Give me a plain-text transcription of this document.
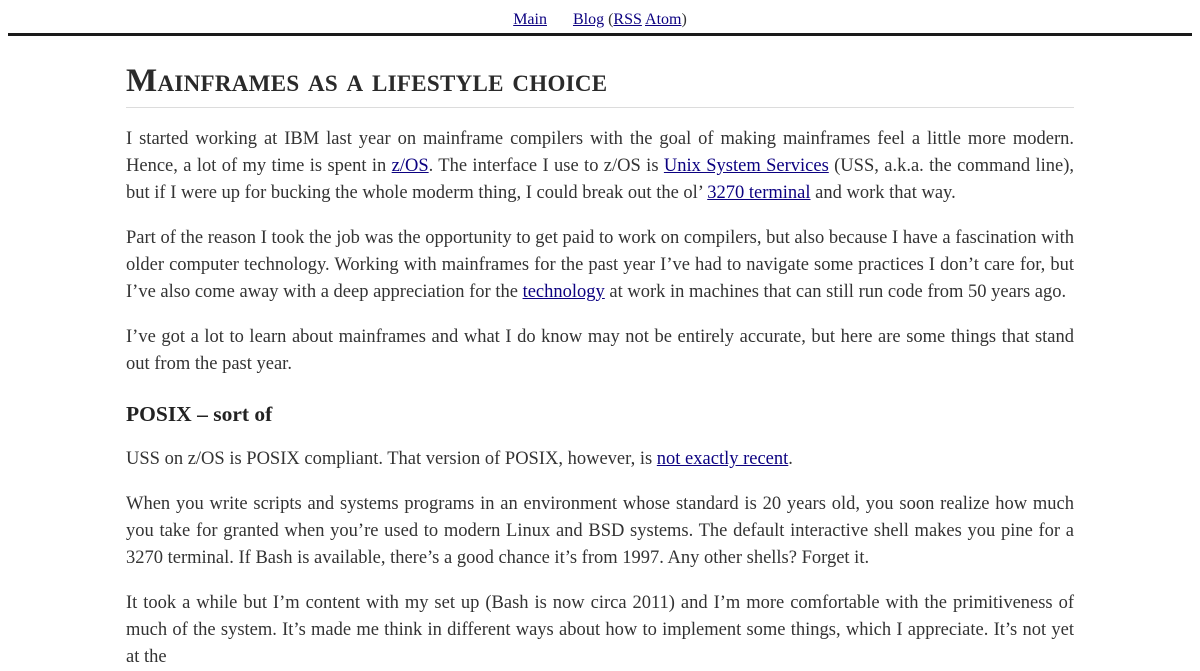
Main Blog (RSS Atom)
Mainframes as a lifestyle choice

I started working at IBM last year on mainframe compilers with the goal of making mainframes feel a little more modern. Hence, a lot of my time is spent in z/OS. The interface I use to z/OS is Unix System Services (USS, a.k.a. the command line), but if I were up for bucking the whole moderm thing, I could break out the ol’ 3270 terminal and work that way.

Part of the reason I took the job was the opportunity to get paid to work on compilers, but also because I have a fascination with older computer technology. Working with mainframes for the past year I’ve had to navigate some practices I don’t care for, but I’ve also come away with a deep appreciation for the technology at work in machines that can still run code from 50 years ago.

I’ve got a lot to learn about mainframes and what I do know may not be entirely accurate, but here are some things that stand out from the past year.

POSIX – sort of

USS on z/OS is POSIX compliant. That version of POSIX, however, is not exactly recent.

When you write scripts and systems programs in an environment whose standard is 20 years old, you soon realize how much you take for granted when you’re used to modern Linux and BSD systems. The default interactive shell makes you pine for a 3270 terminal. If Bash is available, there’s a good chance it’s from 1997. Any other shells? Forget it.

It took a while but I’m content with my set up (Bash is now circa 2011) and I’m more comfortable with the primitiveness of much of the system. It’s made me think in different ways about how to implement some things, which I appreciate. It’s not yet at the
